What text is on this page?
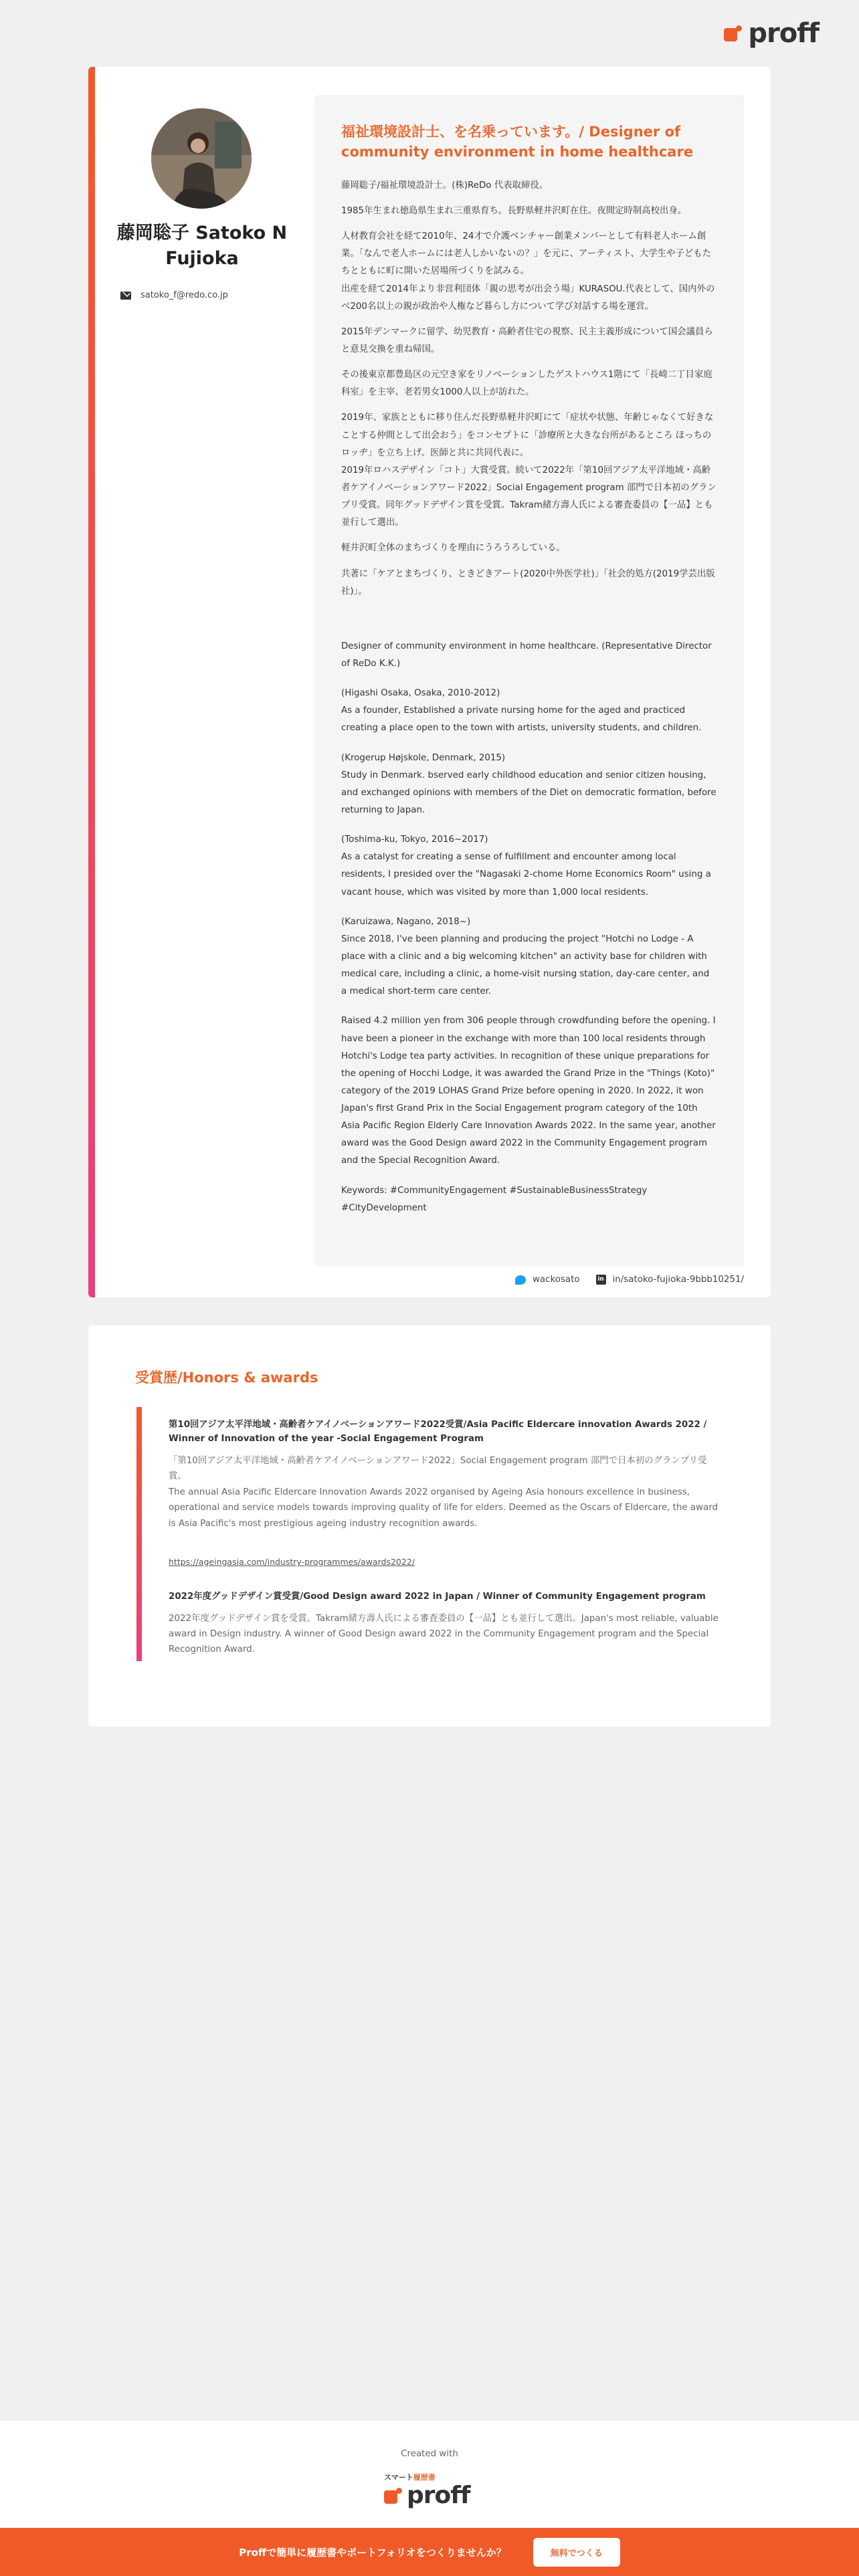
proff
藤岡聡子 Satoko N Fujioka
satoko_f@redo.co.jp
福祉環境設計士、を名乗っています。/ Designer of community environment in home healthcare
藤岡聡子/福祉環境設計士。(株)ReDo 代表取締役。
1985年生まれ徳島県生まれ三重県育ち。長野県軽井沢町在住。夜間定時制高校出身。
人材教育会社を経て2010年、24才で介護ベンチャー創業メンバーとして有料老人ホーム創業。「なんで老人ホームには老人しかいないの？」を元に、アーティスト、大学生や子どもたちとともに町に開いた居場所づくりを試みる。
出産を経て2014年より非営利団体「親の思考が出会う場」KURASOU.代表として、国内外のべ200名以上の親が政治や人権など暮らし方について学び対話する場を運営。
2015年デンマークに留学、幼児教育・高齢者住宅の視察、民主主義形成について国会議員らと意見交換を重ね帰国。
その後東京都豊島区の元空き家をリノベーションしたゲストハウス1階にて「長崎二丁目家庭科室」を主宰、老若男女1000人以上が訪れた。
2019年、家族とともに移り住んだ長野県軽井沢町にて「症状や状態、年齢じゃなくて好きなことする仲間として出会おう」をコンセプトに「診療所と大きな台所があるところ ほっちのロッヂ」を立ち上げ。医師と共に共同代表に。
2019年ロハスデザイン「コト」大賞受賞。続いて2022年「第10回アジア太平洋地域・高齢者ケアイノベーションアワード2022」Social Engagement program 部門で日本初のグランプリ受賞。同年グッドデザイン賞を受賞。Takram緒方壽人氏による審査委員の【一品】とも並行して選出。
軽井沢町全体のまちづくりを理由にうろうろしている。
共著に「ケアとまちづくり、ときどきアート(2020中外医学社)」「社会的処方(2019学芸出版社)」。
Designer of community environment in home healthcare. (Representative Director of ReDo K.K.)
(Higashi Osaka, Osaka, 2010-2012)
As a founder, Established a private nursing home for the aged and practiced creating a place open to the town with artists, university students, and children.
(Krogerup Højskole, Denmark, 2015)
Study in Denmark. bserved early childhood education and senior citizen housing, and exchanged opinions with members of the Diet on democratic formation, before returning to Japan.
(Toshima-ku, Tokyo, 2016~2017)
As a catalyst for creating a sense of fulfillment and encounter among local residents, I presided over the "Nagasaki 2-chome Home Economics Room" using a vacant house, which was visited by more than 1,000 local residents.
(Karuizawa, Nagano, 2018~)
Since 2018, I've been planning and producing the project "Hotchi no Lodge - A place with a clinic and a big welcoming kitchen" an activity base for children with medical care, including a clinic, a home-visit nursing station, day-care center, and a medical short-term care center.
Raised 4.2 million yen from 306 people through crowdfunding before the opening. I have been a pioneer in the exchange with more than 100 local residents through Hotchi's Lodge tea party activities. In recognition of these unique preparations for the opening of Hocchi Lodge, it was awarded the Grand Prize in the "Things (Koto)" category of the 2019 LOHAS Grand Prize before opening in 2020. In 2022, it won Japan's first Grand Prix in the Social Engagement program category of the 10th Asia Pacific Region Elderly Care Innovation Awards 2022. In the same year, another award was the Good Design award 2022 in the Community Engagement program and the Special Recognition Award.
Keywords: #CommunityEngagement #SustainableBusinessStrategy
#CityDevelopment
wackosato	in in/satoko-fujioka-9bbb10251/
受賞歴/Honors & awards
第10回アジア太平洋地域・高齢者ケアイノベーションアワード2022受賞/Asia Pacific Eldercare innovation Awards 2022 / Winner of Innovation of the year -Social Engagement Program
「第10回アジア太平洋地域・高齢者ケアイノベーションアワード2022」Social Engagement program 部門で日本初のグランプリ受賞。
The annual Asia Pacific Eldercare Innovation Awards 2022 organised by Ageing Asia honours excellence in business, operational and service models towards improving quality of life for elders. Deemed as the Oscars of Eldercare, the award is Asia Pacific's most prestigious ageing industry recognition awards.
https://ageingasia.com/industry-programmes/awards2022/
2022年度グッドデザイン賞受賞/Good Design award 2022 in Japan / Winner of Community Engagement program
2022年度グッドデザイン賞を受賞。Takram緒方壽人氏による審査委員の【一品】とも並行して選出。Japan's most reliable, valuable award in Design industry. A winner of Good Design award 2022 in the Community Engagement program and the Special Recognition Award.
Created with
スマート履歴書
proff
Proffで簡単に履歴書やポートフォリオをつくりませんか？	無料でつくる
